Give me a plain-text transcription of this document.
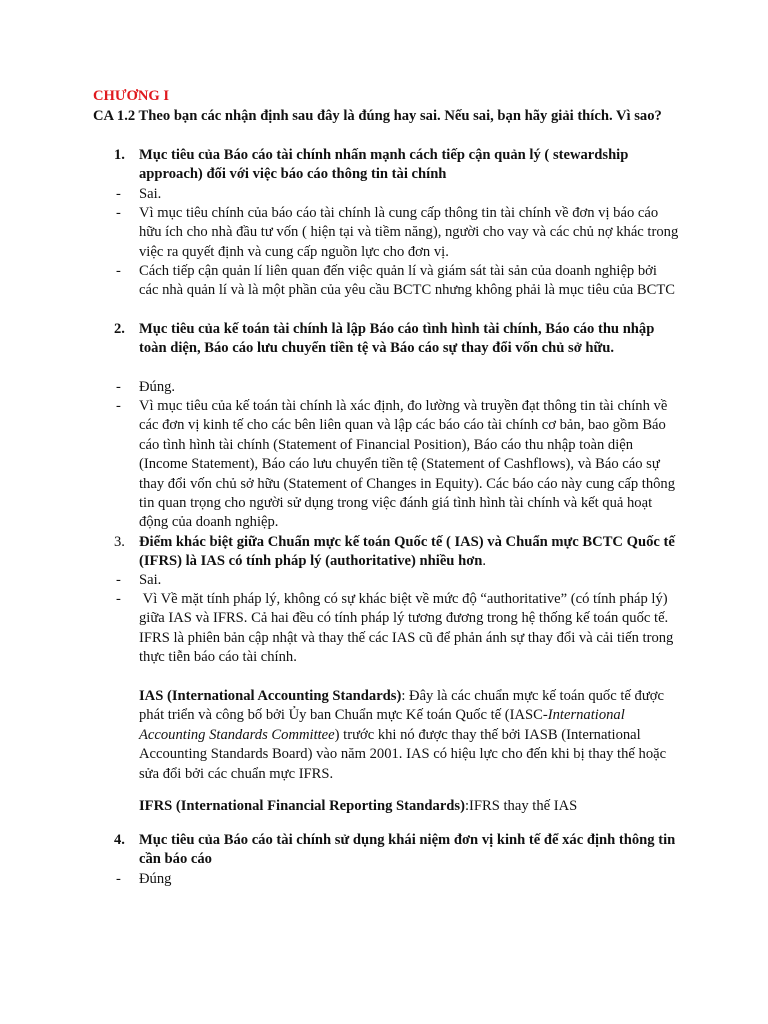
CHƯƠNG I
CA 1.2 Theo bạn các nhận định sau đây là đúng hay sai. Nếu sai, bạn hãy giải thích. Vì sao?
1. Mục tiêu của Báo cáo tài chính nhấn mạnh cách tiếp cận quản lý ( stewardship approach) đối với việc báo cáo thông tin tài chính
- Sai.
- Vì mục tiêu chính của báo cáo tài chính là cung cấp thông tin tài chính về đơn vị báo cáo hữu ích cho nhà đầu tư vốn ( hiện tại và tiềm năng), người cho vay và các chủ nợ khác trong việc ra quyết định và cung cấp nguồn lực cho đơn vị.
- Cách tiếp cận quản lí liên quan đến việc quản lí và giám sát tài sản của doanh nghiệp bởi các nhà quản lí và là một phần của yêu cầu BCTC nhưng không phải là mục tiêu của BCTC
2. Mục tiêu của kế toán tài chính là lập Báo cáo tình hình tài chính, Báo cáo thu nhập toàn diện, Báo cáo lưu chuyển tiền tệ và Báo cáo sự thay đổi vốn chủ sở hữu.
- Đúng.
- Vì mục tiêu của kế toán tài chính là xác định, đo lường và truyền đạt thông tin tài chính về các đơn vị kinh tế cho các bên liên quan và lập các báo cáo tài chính cơ bản, bao gồm Báo cáo tình hình tài chính (Statement of Financial Position), Báo cáo thu nhập toàn diện (Income Statement), Báo cáo lưu chuyển tiền tệ (Statement of Cashflows), và Báo cáo sự thay đổi vốn chủ sở hữu (Statement of Changes in Equity). Các báo cáo này cung cấp thông tin quan trọng cho người sử dụng trong việc đánh giá tình hình tài chính và kết quả hoạt động của doanh nghiệp.
3. Điểm khác biệt giữa Chuẩn mực kế toán Quốc tế ( IAS) và Chuẩn mực BCTC Quốc tế (IFRS) là IAS có tính pháp lý (authoritative) nhiều hơn.
- Sai.
- Vì Về mặt tính pháp lý, không có sự khác biệt về mức độ “authoritative” (có tính pháp lý) giữa IAS và IFRS. Cả hai đều có tính pháp lý tương đương trong hệ thống kế toán quốc tế. IFRS là phiên bản cập nhật và thay thế các IAS cũ để phản ánh sự thay đổi và cải tiến trong thực tiễn báo cáo tài chính.
IAS (International Accounting Standards): Đây là các chuẩn mực kế toán quốc tế được phát triển và công bố bởi Ủy ban Chuẩn mực Kế toán Quốc tế (IASC-International Accounting Standards Committee) trước khi nó được thay thế bởi IASB (International Accounting Standards Board) vào năm 2001. IAS có hiệu lực cho đến khi bị thay thế hoặc sửa đổi bởi các chuẩn mực IFRS.
IFRS (International Financial Reporting Standards):IFRS thay thế IAS
4. Mục tiêu của Báo cáo tài chính sử dụng khái niệm đơn vị kinh tế để xác định thông tin cần báo cáo
- Đúng
